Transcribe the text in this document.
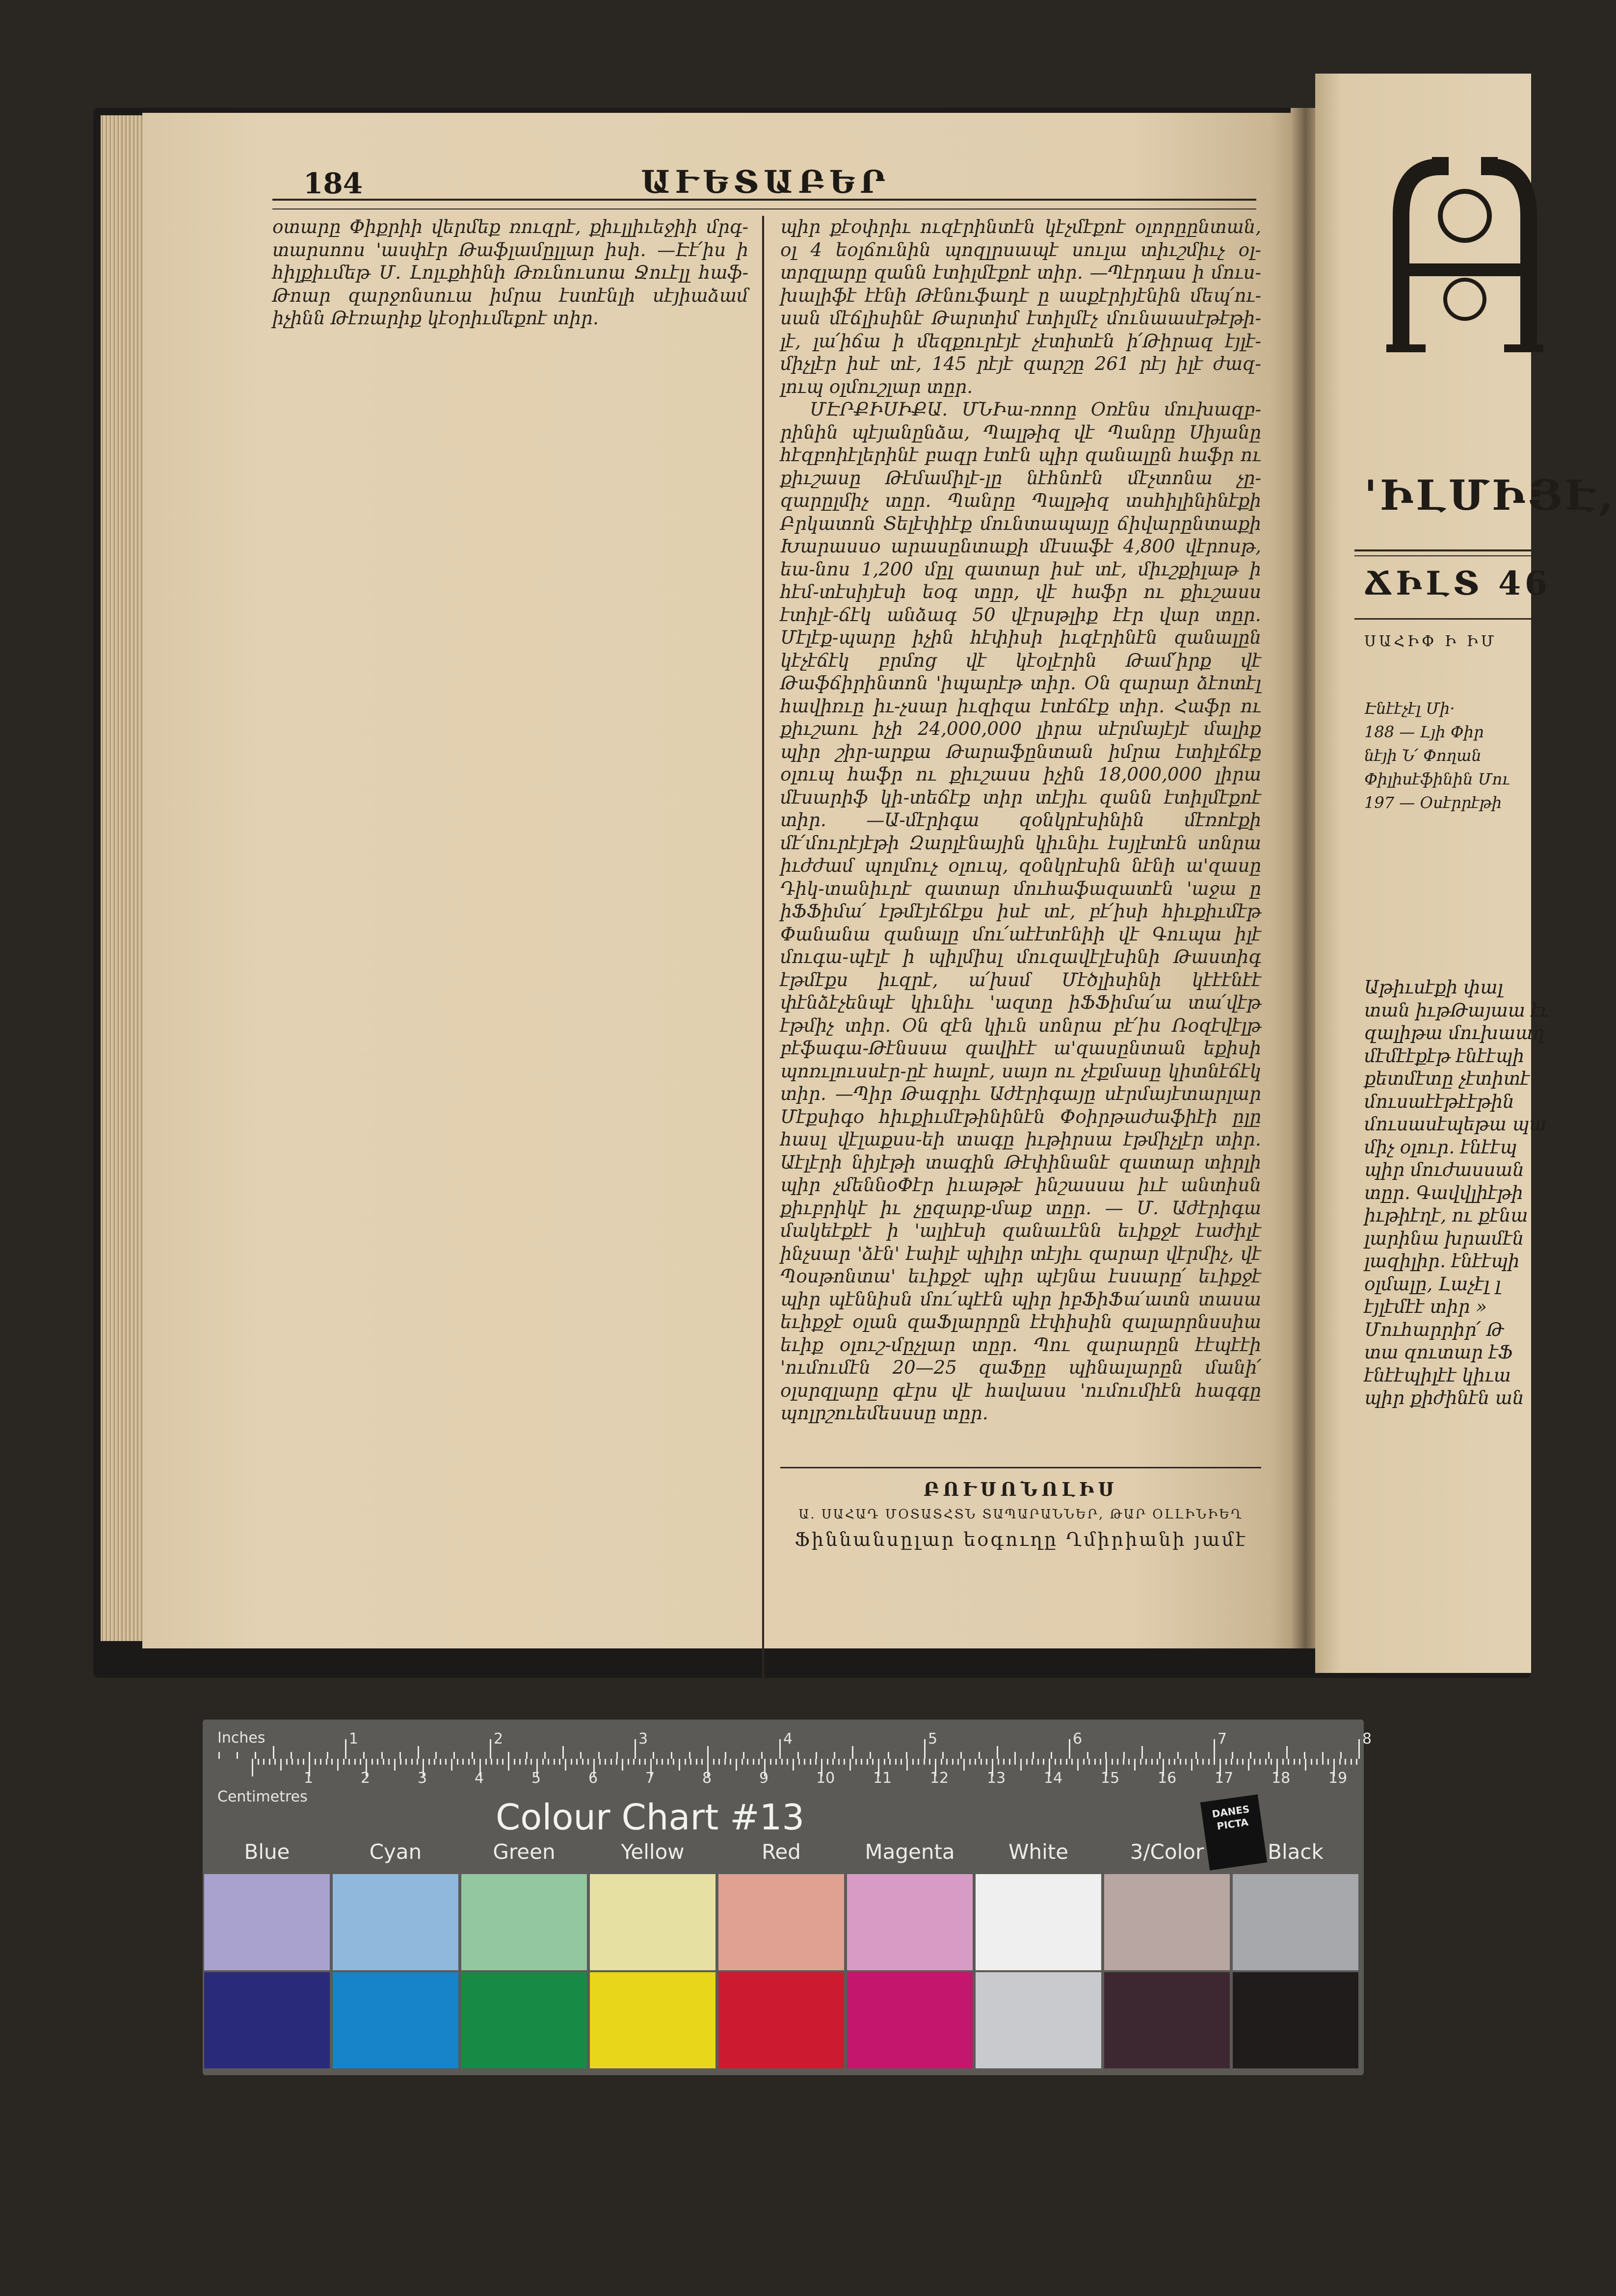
184	ԱՒԵՏԱԲԵՐ

օտարը Փիքրիի վերմեք ռուզրէ, քիւլլիւեջիի մրգ-տարսոոս 'ասփէր Թաֆլամըլլար իսի․ —Էէ՛իս ի հիլքիւմեթ Մ. Լոլւքհինի Թռւնուսոա Ջուէլլ հաֆ-Թոար զարջոնսուա իմրա էստէնլի սէյիաձամ իչինն Թէռարիք կէօրիւմեքոէ տիր․

պիր քէօփրիւ ուզէրինտէն կէչմէքոէ օլորըընտան, օլ 4 եօլճունին պոզլրսապէ սուլա տիւշմիւչ օլ-տրզլարը զանն էտիլմէքոէ տիր․ —Պէրդաս ի մուս-խալիֆէ էէնի Թէնուֆադէ ը ասքէրիյէնին մեպ՛ու-սան մէճլիսինէ Թարտիմ էտիլմէչ մունաասէթէթի-լէ, լա՛իճա ի մեզքուրէյէ չէտիտէն ի՛Թիրազ էյլէ-միչլէր իսէ տէ, 145 րէյէ զարշը 261 րէյ իլէ ժազ-լուպ օլմուշլար տըր․

ՄԷՐՔԻՍԻՔԱ․ ՄՆԻա-ռոոը Օռէնս մուխազբ-րինին պէյանընձա, Պալթիզ վէ Պանրը Սիյանը հէզբոիէլերինէ բազր էտէն պիր զանալըն հաֆր ու քիւշասը Թէմամիլէ-լը նէհնոէն մէչտոնա չը-զարըլմիչ տըր․ Պանրը Պալթիզ տսհիլինինէքի Բրկատոն Տելէփիէք մունտապայը ճիվարընտաքի Խարասսօ արասընտաքի մէսաֆէ 4,800 վէրոսթ, եա-նոս 1,200 մըլ զատար իսէ տէ, միւշքիլաթ ի հէմ-տէսիյէսի եօգ տըր, վէ հաֆր ու քիւշասս էտիլէ-ճէկ անձագ 50 վէրսթլիք էէր վար տըր․ Մէլէք-պարը իչին հէփիսի իւզէրինէն զանալըն կէչէճէկ բրմոց վէ կէօլէրին Թամ՛իրք վէ Թաֆճիրինտոն 'իպարէթ տիր․ Օն զարար ձէոտէլ հավիռւը իւ-չսար իւզիզա էտէճէք տիր․ Հաֆր ու քիւշաու իչի 24,000,000 լիրա սէրմայէյէ մալիք պիր շիր-արքա Թարաֆընտան իմրա էտիլէճէք օլուպ հաֆր ու քիւշասս իչին 18,000,000 լիրա մէսարիֆ կի-տեճէք տիր տէյիւ զանն էտիլմէքոէ տիր․ —Ա-մէրիգա զօնկրէսինին մէռոէքի մէ՛մուրէյէթի Զարլէնային կիւնիւ էսյլէտէն սոնրա իւժժամ պոլմուչ օլուպ, զօնկրէսին նէնի ա'զասը Դիկ-տանիւրէ զատար մուհաֆազատէն 'աջա ը իՖՖիմա՛ էթմէյէճէքս իսէ տէ, բէ՛իսի հիւքիւմէթ Փանանա զանալը մու՛աէէտէնիի վէ Գուպա իլէ մուգա-պէլէ ի պիլմիսլ մուզավէլէսինի Թաստիգ էթմէքս իւզրէ, ա՛խսմ Մէծլիսինի կէէէնէէ փէնձէչենպէ կիւնիւ 'ազտը իՖՖիմա՛ա տա՛վէթ էթմիչ տիր․ Օն զէն կիւն սոնրա բէ՛իս Ռօզէվէլթ բէֆագա-Թէնսսա զավիէէ ա'զասընտան եքիսի պոռւլուսսէր-ըէ հալոէ, սայո ու չէքմասը կիտնէճէկ տիր․ —Պիր Թագրիւ Աժէրիգայը սէրմայէտարլար Մէքսիգօ հիւքիւմէթինինէն Փօիրթաժաֆիէի ըլը հասլ վէլաքսս-եի տագը իւթիրսա էթմիչլէր տիր․ Աէլէրի նիյէթի տագին Թէփինանէ զատար տիրլի պիր չմեննօՓէր իւաթթէ ինշասսա իւէ անտիսն քիւբրիկէ իւ չըզարք-մաք տըր․ — Մ. Աժէրիգա մակեէքէէ ի 'ալիէսի զանաւէնն եւիքջէ էաժիլէ ինչսար 'ձէն' էաիլէ պիլիր տէյիւ զարար վէրմիչ, վէ Պօսթոնտա' եւիքջէ պիր պէյնա էսսարը՛ եւիքջէ պիր պէննիսն մու՛պէէն պիր իբՖիՖա՛ատն տասա եւիքջէ օլան զաՖլարրըն էէփիսին զալարրնսսիա եւիք օլուշ-մըչլար տըր․ Պու զարարըն էէպէէի 'ումումէն 20—25 զաՖըը պինալարըն մանի՛ օլսրզլարը գէրս վէ հավասս 'ումումիէն հագգը պոլրշուեմեսսսը տըր․

ԲՈՒՍՈՆՈԼԻՍ
Ա. ՍԱՀԱԴ ՄՕՏԱՏՀՏՆ ՏԱՊԱՐԱՆՆԵՐ, ԹԱՐ ՕԼԼԻՆԻԵՂ
Ֆիննանսըլար եօգուղը Ղմիրիանի յամէ
'ԻԼՄԻՅԷ,
ՃԻԼՏ 46
ՍԱՀԻՓ Ի ԻՄ
Էնէէչէլ Մի·
188 — Լյի Փիր
նէյի Ն՛ Փողան
Փիլիսէֆինին Մու
197 — Օսէրրէթի
Աթիւսէքի փալ
տան իւթԹայաա էւ
զալիթա մուխաաղ
մէմէէքէթ էնէէպի
քետմէտը չէտիտէ
մուսաէէթէէթին
մուսասէպեթա պա
միչ օլուր․ էնէէպ
պիր մուժասսան
տըր․ Գավվլիէթի
իւթիէղէ, ու քէնա
լարինա խրամէն
լազիլիր․ էնէէպի
օլմալը, Լաչէլ լ
էյլէմէէ տիր »
Մուհարրիր՛ Թ
տա զուտար էՖ
էնէէպիլէէ կիւա
պիր քիժինէն ան
Inches	1	2	3	4	5	6	7	8
Centimetres
1	2	3	4	5	6	7	8	9	10	11	12	13	14	15	16	17	18	19
Colour Chart #13	DANES PICTA
Blue	Cyan	Green	Yellow	Red	Magenta	White	3/Color	Black
